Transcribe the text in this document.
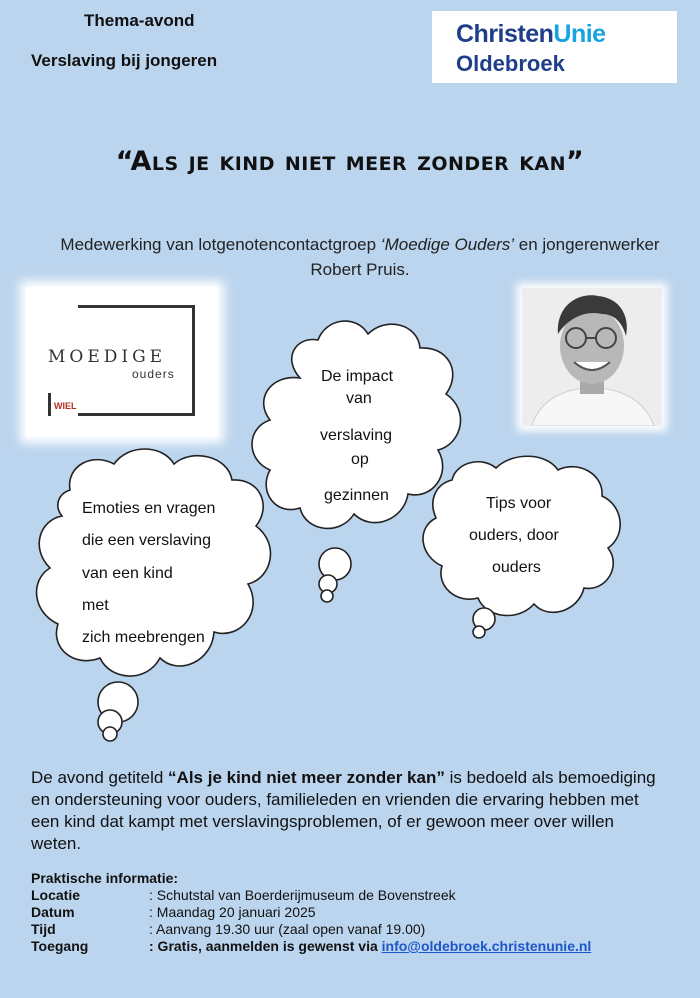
Thema-avond
Verslaving bij jongeren
ChristenUnie
Oldebroek
“Als je kind niet meer zonder kan”
Medewerking van lotgenotencontactgroep ‘Moedige Ouders’ en jongerenwerker Robert Pruis.
MOEDIGE
ouders
WIEL
De impact
van
verslaving
op
gezinnen
Emoties en vragen
die een verslaving
van een kind
met
zich meebrengen
Tips voor
ouders, door
ouders
De avond getiteld “Als je kind niet meer zonder kan” is bedoeld als bemoediging en ondersteuning voor ouders, familieleden en vrienden die ervaring hebben met een kind dat kampt met verslavingsproblemen, of er gewoon meer over willen weten.
Praktische informatie:
Locatie	: Schutstal van Boerderijmuseum de Bovenstreek
Datum	: Maandag 20 januari 2025
Tijd	: Aanvang 19.30 uur (zaal open vanaf 19.00)
Toegang	: Gratis, aanmelden is gewenst via info@oldebroek.christenunie.nl
